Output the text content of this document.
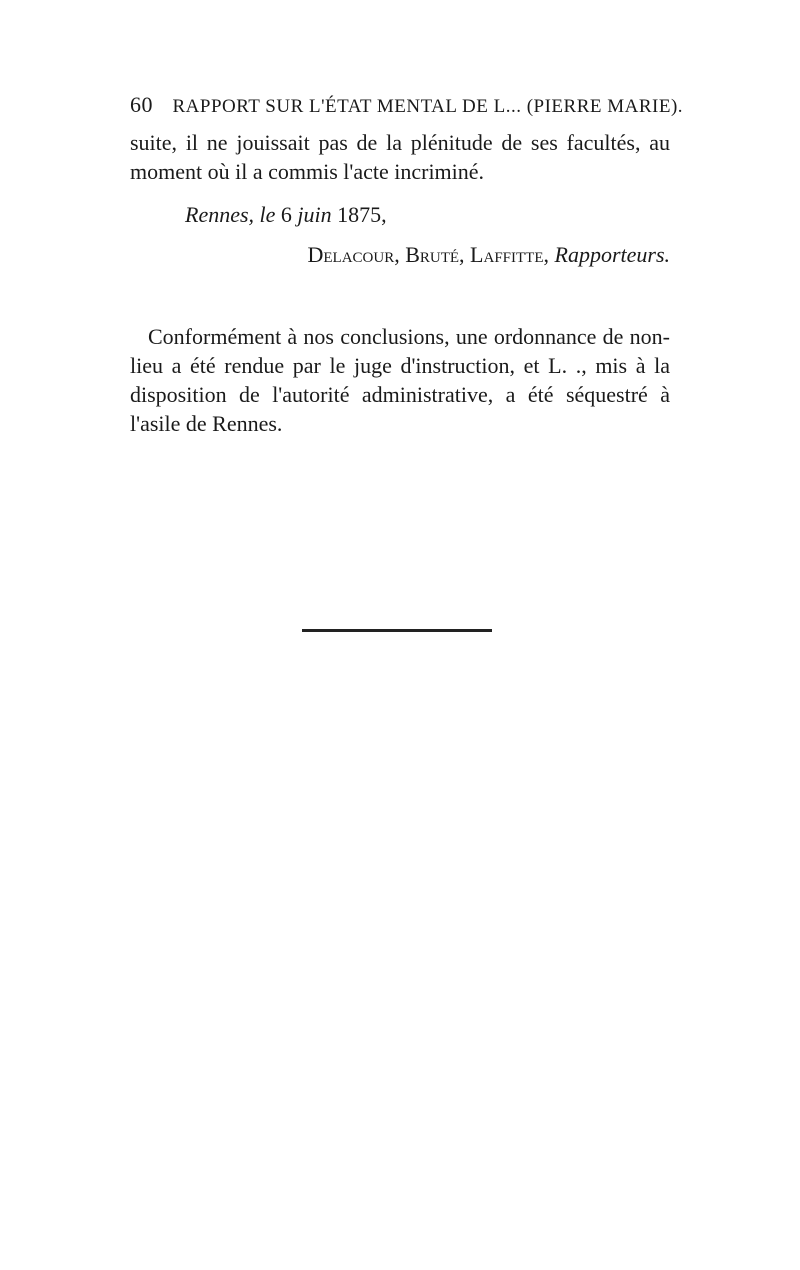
60 RAPPORT SUR L'ÉTAT MENTAL DE L... (PIERRE MARIE).

suite, il ne jouissait pas de la plénitude de ses facultés, au moment où il a commis l'acte incriminé.

Rennes, le 6 juin 1875,
Delacour, Bruté, Laffitte, Rapporteurs.

Conformément à nos conclusions, une ordonnance de non-lieu a été rendue par le juge d'instruction, et L. ., mis à la disposition de l'autorité administrative, a été séquestré à l'asile de Rennes.
